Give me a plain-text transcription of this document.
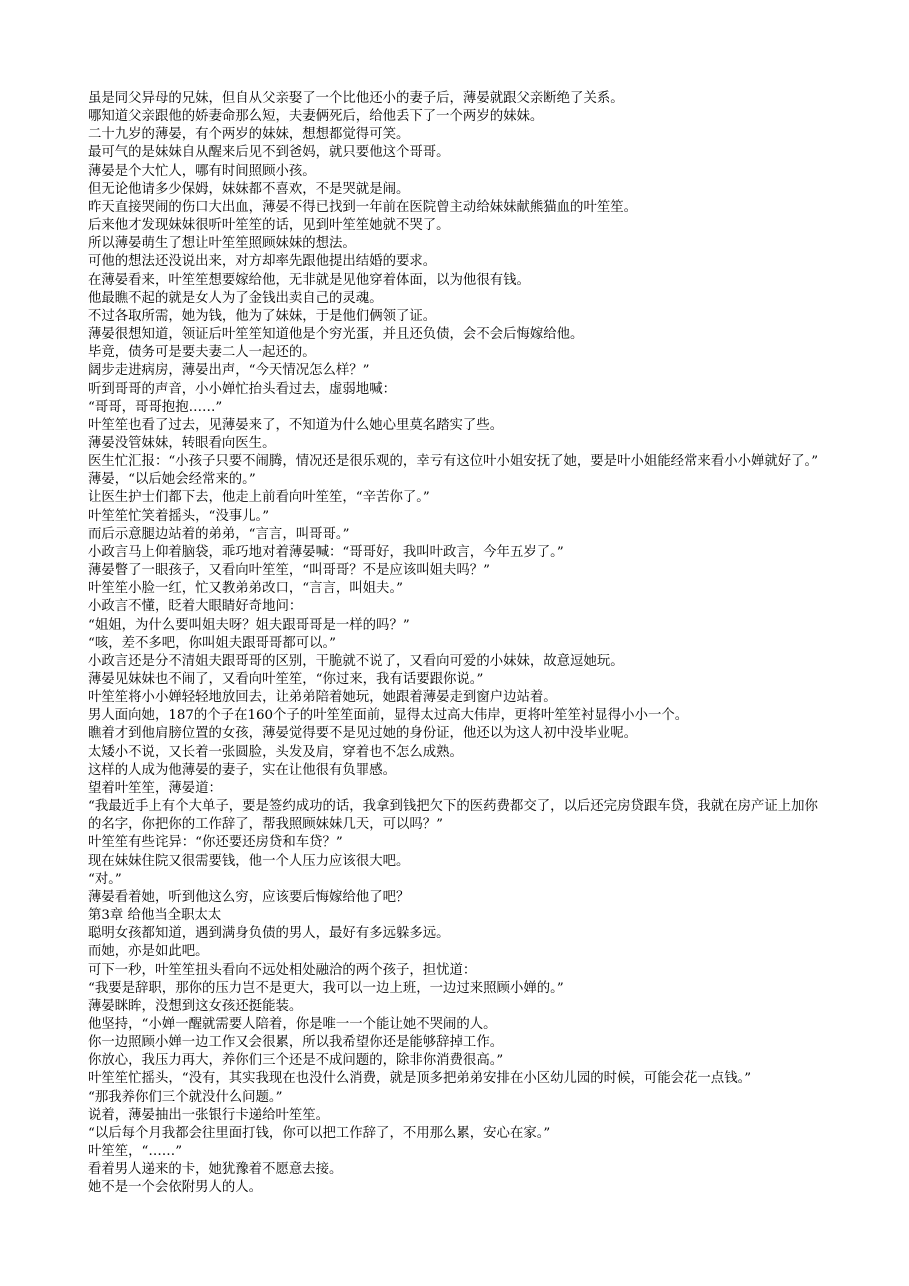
虽是同父异母的兄妹，但自从父亲娶了一个比他还小的妻子后，薄晏就跟父亲断绝了关系。

哪知道父亲跟他的娇妻命那么短，夫妻俩死后，给他丢下了一个两岁的妹妹。

二十九岁的薄晏，有个两岁的妹妹，想想都觉得可笑。

最可气的是妹妹自从醒来后见不到爸妈，就只要他这个哥哥。

薄晏是个大忙人，哪有时间照顾小孩。

但无论他请多少保姆，妹妹都不喜欢，不是哭就是闹。

昨天直接哭闹的伤口大出血，薄晏不得已找到一年前在医院曾主动给妹妹献熊猫血的叶笙笙。

后来他才发现妹妹很听叶笙笙的话，见到叶笙笙她就不哭了。

所以薄晏萌生了想让叶笙笙照顾妹妹的想法。

可他的想法还没说出来，对方却率先跟他提出结婚的要求。

在薄晏看来，叶笙笙想要嫁给他，无非就是见他穿着体面，以为他很有钱。

他最瞧不起的就是女人为了金钱出卖自己的灵魂。

不过各取所需，她为钱，他为了妹妹，于是他们俩领了证。

薄晏很想知道，领证后叶笙笙知道他是个穷光蛋，并且还负债，会不会后悔嫁给他。

毕竟，债务可是要夫妻二人一起还的。

阔步走进病房，薄晏出声，“今天情况怎么样？”

听到哥哥的声音，小小婵忙抬头看过去，虚弱地喊：

“哥哥，哥哥抱抱……”

叶笙笙也看了过去，见薄晏来了，不知道为什么她心里莫名踏实了些。

薄晏没管妹妹，转眼看向医生。

医生忙汇报：“小孩子只要不闹腾，情况还是很乐观的，幸亏有这位叶小姐安抚了她，要是叶小姐能经常来看小小婵就好了。”

薄晏，“以后她会经常来的。”

让医生护士们都下去，他走上前看向叶笙笙，“辛苦你了。”

叶笙笙忙笑着摇头，“没事儿。”

而后示意腿边站着的弟弟，“言言，叫哥哥。”

小政言马上仰着脑袋，乖巧地对着薄晏喊：“哥哥好，我叫叶政言，今年五岁了。”

薄晏瞥了一眼孩子，又看向叶笙笙，“叫哥哥？不是应该叫姐夫吗？”

叶笙笙小脸一红，忙又教弟弟改口，“言言，叫姐夫。”

小政言不懂，眨着大眼睛好奇地问：

“姐姐，为什么要叫姐夫呀？姐夫跟哥哥是一样的吗？”

“咳，差不多吧，你叫姐夫跟哥哥都可以。”

小政言还是分不清姐夫跟哥哥的区别，干脆就不说了，又看向可爱的小妹妹，故意逗她玩。

薄晏见妹妹也不闹了，又看向叶笙笙，“你过来，我有话要跟你说。”

叶笙笙将小小婵轻轻地放回去，让弟弟陪着她玩，她跟着薄晏走到窗户边站着。

男人面向她，187的个子在160个子的叶笙笙面前，显得太过高大伟岸，更将叶笙笙衬显得小小一个。

瞧着才到他肩膀位置的女孩，薄晏觉得要不是见过她的身份证，他还以为这人初中没毕业呢。

太矮小不说，又长着一张圆脸，头发及肩，穿着也不怎么成熟。

这样的人成为他薄晏的妻子，实在让他很有负罪感。

望着叶笙笙，薄晏道：

“我最近手上有个大单子，要是签约成功的话，我拿到钱把欠下的医药费都交了，以后还完房贷跟车贷，我就在房产证上加你的名字，你把你的工作辞了，帮我照顾妹妹几天，可以吗？”

叶笙笙有些诧异：“你还要还房贷和车贷？”

现在妹妹住院又很需要钱，他一个人压力应该很大吧。

“对。”

薄晏看着她，听到他这么穷，应该要后悔嫁给他了吧？

第3章 给他当全职太太

聪明女孩都知道，遇到满身负债的男人，最好有多远躲多远。

而她，亦是如此吧。

可下一秒，叶笙笙扭头看向不远处相处融洽的两个孩子，担忧道：

“我要是辞职，那你的压力岂不是更大，我可以一边上班，一边过来照顾小婵的。”

薄晏眯眸，没想到这女孩还挺能装。

他坚持，“小婵一醒就需要人陪着，你是唯一一个能让她不哭闹的人。

你一边照顾小婵一边工作又会很累，所以我希望你还是能够辞掉工作。

你放心，我压力再大，养你们三个还是不成问题的，除非你消费很高。”

叶笙笙忙摇头，“没有，其实我现在也没什么消费，就是顶多把弟弟安排在小区幼儿园的时候，可能会花一点钱。”

“那我养你们三个就没什么问题。”

说着，薄晏抽出一张银行卡递给叶笙笙。

“以后每个月我都会往里面打钱，你可以把工作辞了，不用那么累，安心在家。”

叶笙笙，“……”

看着男人递来的卡，她犹豫着不愿意去接。

她不是一个会依附男人的人。
